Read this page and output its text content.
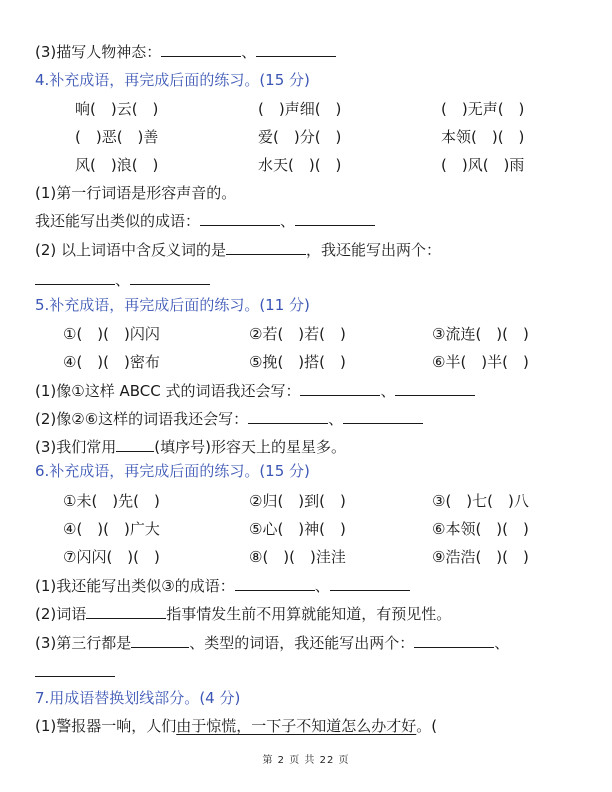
(3)描写人物神态：	、
4.补充成语，再完成后面的练习。(15 分)
响(　)云(　)	(　)声细(　)	(　)无声(　)
(　)恶(　)善	爱(　)分(　)	本领(　)(　)
风(　)浪(　)	水天(　)(　)	(　)风(　)雨
(1)第一行词语是形容声音的。
我还能写出类似的成语：	、
(2) 以上词语中含反义词的是	，我还能写出两个：
、
5.补充成语，再完成后面的练习。(11 分)
①(　)(　)闪闪	②若(　)若(　)	③流连(　)(　)
④(　)(　)密布	⑤挽(　)搭(　)	⑥半(　)半(　)
(1)像①这样 ABCC 式的词语我还会写：	、
(2)像②⑥这样的词语我还会写：	、
(3)我们常用	(填序号)形容天上的星星多。
6.补充成语，再完成后面的练习。(15 分)
①未(　)先(　)	②归(　)到(　)	③(　)七(　)八
④(　)(　)广大	⑤心(　)神(　)	⑥本领(　)(　)
⑦闪闪(　)(　)	⑧(　)(　)洼洼	⑨浩浩(　)(　)
(1)我还能写出类似③的成语：	、
(2)词语	指事情发生前不用算就能知道，有预见性。
(3)第三行都是	、类型的词语，我还能写出两个：	、
7.用成语替换划线部分。(4 分)
(1)警报器一响，人们由于惊慌，一下子不知道怎么办才好。(
第 2 页 共 22 页
